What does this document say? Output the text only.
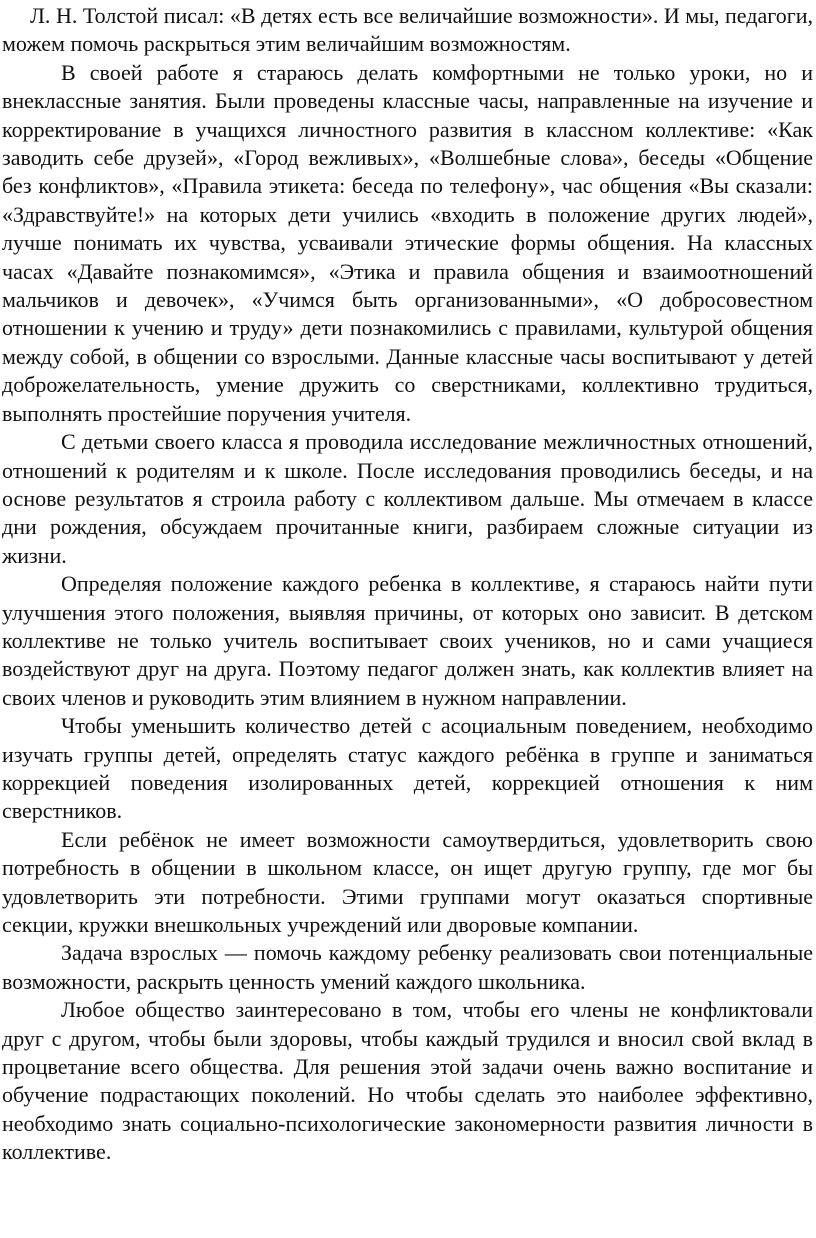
Л. Н. Толстой писал: «В детях есть все величайшие возможности». И мы, педагоги, можем помочь раскрыться этим величайшим возможностям.

В своей работе я стараюсь делать комфортными не только уроки, но и внеклассные занятия. Были проведены классные часы, направленные на изучение и корректирование в учащихся личностного развития в классном коллективе: «Как заводить себе друзей», «Город вежливых», «Волшебные слова», беседы «Общение без конфликтов», «Правила этикета: беседа по телефону», час общения «Вы сказали: «Здравствуйте!» на которых дети учились «входить в положение других людей», лучше понимать их чувства, усваивали этические формы общения. На классных часах «Давайте познакомимся», «Этика и правила общения и взаимоотношений мальчиков и девочек», «Учимся быть организованными», «О добросовестном отношении к учению и труду» дети познакомились с правилами, культурой общения между собой, в общении со взрослыми. Данные классные часы воспитывают у детей доброжелательность, умение дружить со сверстниками, коллективно трудиться, выполнять простейшие поручения учителя.

С детьми своего класса я проводила исследование межличностных отношений, отношений к родителям и к школе. После исследования проводились беседы, и на основе результатов я строила работу с коллективом дальше. Мы отмечаем в классе дни рождения, обсуждаем прочитанные книги, разбираем сложные ситуации из жизни.

Определяя положение каждого ребенка в коллективе, я стараюсь найти пути улучшения этого положения, выявляя причины, от которых оно зависит. В детском коллективе не только учитель воспитывает своих учеников, но и сами учащиеся воздействуют друг на друга. Поэтому педагог должен знать, как коллектив влияет на своих членов и руководить этим влиянием в нужном направлении.

Чтобы уменьшить количество детей с асоциальным поведением, необходимо изучать группы детей, определять статус каждого ребёнка в группе и заниматься коррекцией поведения изолированных детей, коррекцией отношения к ним сверстников.

Если ребёнок не имеет возможности самоутвердиться, удовлетворить свою потребность в общении в школьном классе, он ищет другую группу, где мог бы удовлетворить эти потребности. Этими группами могут оказаться спортивные секции, кружки внешкольных учреждений или дворовые компании.

Задача взрослых — помочь каждому ребенку реализовать свои потенциальные возможности, раскрыть ценность умений каждого школьника.

Любое общество заинтересовано в том, чтобы его члены не конфликтовали друг с другом, чтобы были здоровы, чтобы каждый трудился и вносил свой вклад в процветание всего общества. Для решения этой задачи очень важно воспитание и обучение подрастающих поколений. Но чтобы сделать это наиболее эффективно, необходимо знать социально-психологические закономерности развития личности в коллективе.
